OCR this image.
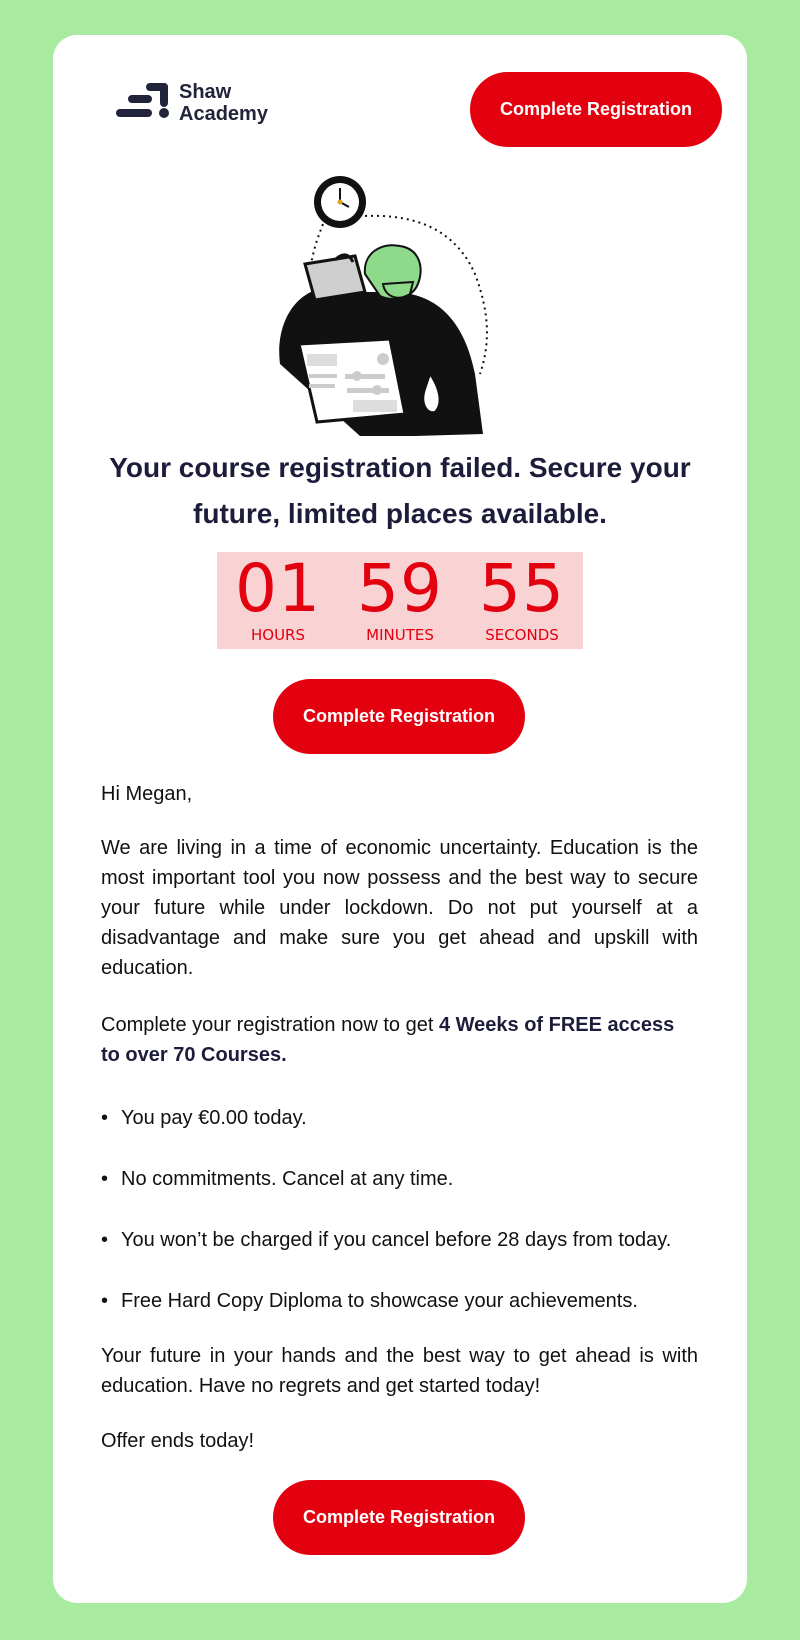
Shaw
Academy	Complete Registration
Your course registration failed. Secure your future, limited places available.
01
HOURS
59
MINUTES
55
SECONDS
Complete Registration
Hi Megan,
We are living in a time of economic uncertainty. Education is the most important tool you now possess and the best way to secure your future while under lockdown. Do not put yourself at a disadvantage and make sure you get ahead and upskill with education.
Complete your registration now to get 4 Weeks of FREE access to over 70 Courses.
• You pay €0.00 today.
• No commitments. Cancel at any time.
• You won’t be charged if you cancel before 28 days from today.
• Free Hard Copy Diploma to showcase your achievements.
Your future in your hands and the best way to get ahead is with education. Have no regrets and get started today!
Offer ends today!
Complete Registration
